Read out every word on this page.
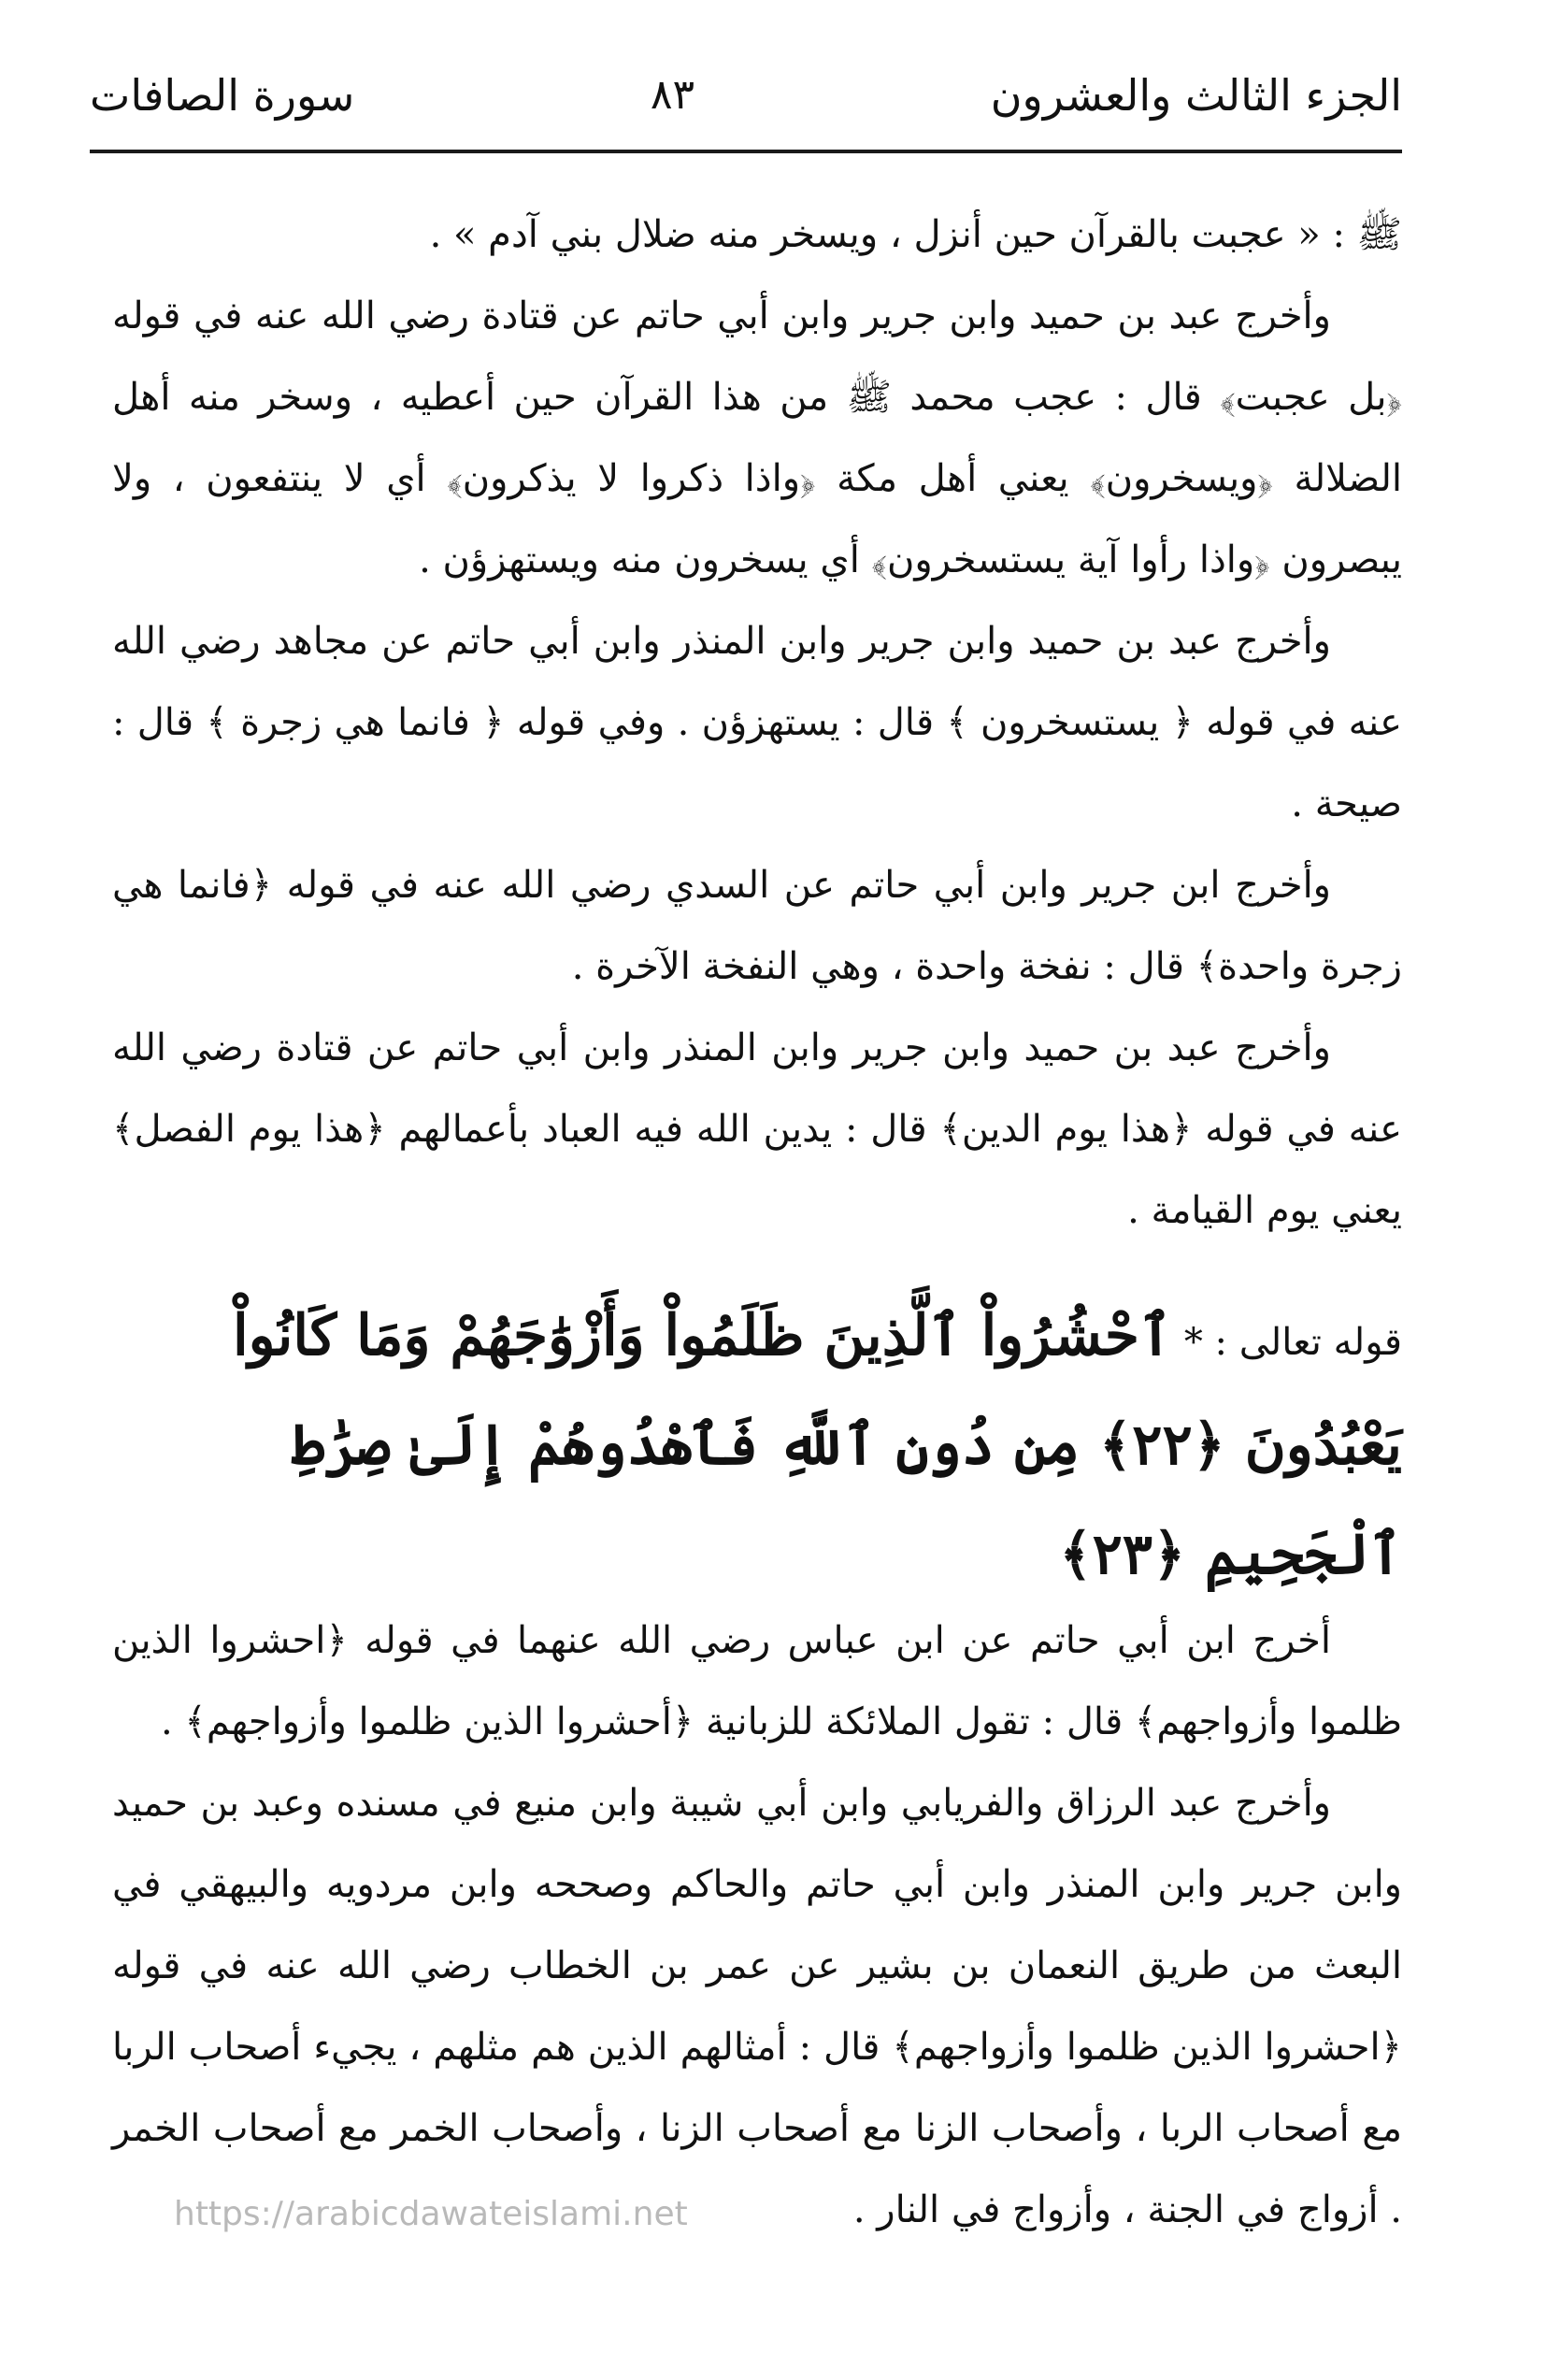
الجزء الثالث والعشرون
٨٣
سورة الصافات

ﷺ : « عجبت بالقرآن حين أنزل ، ويسخر منه ضلال بني آدم » .

وأخرج عبد بن حميد وابن جرير وابن أبي حاتم عن قتادة رضي الله عنه في قوله ﴿بل عجبت﴾ قال : عجب محمد ﷺ من هذا القرآن حين أعطيه ، وسخر منه أهل الضلالة ﴿ويسخرون﴾ يعني أهل مكة ﴿واذا ذكروا لا يذكرون﴾ أي لا ينتفعون ، ولا يبصرون ﴿واذا رأوا آية يستسخرون﴾ أي يسخرون منه ويستهزؤن .

وأخرج عبد بن حميد وابن جرير وابن المنذر وابن أبي حاتم عن مجاهد رضي الله عنه في قوله ﴿ يستسخرون ﴾ قال : يستهزؤن . وفي قوله ﴿ فانما هي زجرة ﴾ قال : صيحة .

وأخرج ابن جرير وابن أبي حاتم عن السدي رضي الله عنه في قوله ﴿فانما هي زجرة واحدة﴾ قال : نفخة واحدة ، وهي النفخة الآخرة .

وأخرج عبد بن حميد وابن جرير وابن المنذر وابن أبي حاتم عن قتادة رضي الله عنه في قوله ﴿هذا يوم الدين﴾ قال : يدين الله فيه العباد بأعمالهم ﴿هذا يوم الفصل﴾ يعني يوم القيامة .

قوله تعالى : * ٱحْشُرُواْ ٱلَّذِينَ ظَلَمُواْ وَأَزْوَٰجَهُمْ وَمَا كَانُواْ يَعْبُدُونَ ﴿٢٢﴾ مِن دُونِ ٱللَّهِ فَٱهْدُوهُمْ إِلَىٰ صِرَٰطِ ٱلْجَحِيمِ ﴿٢٣﴾

أخرج ابن أبي حاتم عن ابن عباس رضي الله عنهما في قوله ﴿احشروا الذين ظلموا وأزواجهم﴾ قال : تقول الملائكة للزبانية ﴿أحشروا الذين ظلموا وأزواجهم﴾ .

وأخرج عبد الرزاق والفريابي وابن أبي شيبة وابن منيع في مسنده وعبد بن حميد وابن جرير وابن المنذر وابن أبي حاتم والحاكم وصححه وابن مردويه والبيهقي في البعث من طريق النعمان بن بشير عن عمر بن الخطاب رضي الله عنه في قوله ﴿احشروا الذين ظلموا وأزواجهم﴾ قال : أمثالهم الذين هم مثلهم ، يجيء أصحاب الربا مع أصحاب الربا ، وأصحاب الزنا مع أصحاب الزنا ، وأصحاب الخمر مع أصحاب الخمر . أزواج في الجنة ، وأزواج في النار .

https://arabicdawateislami.net
